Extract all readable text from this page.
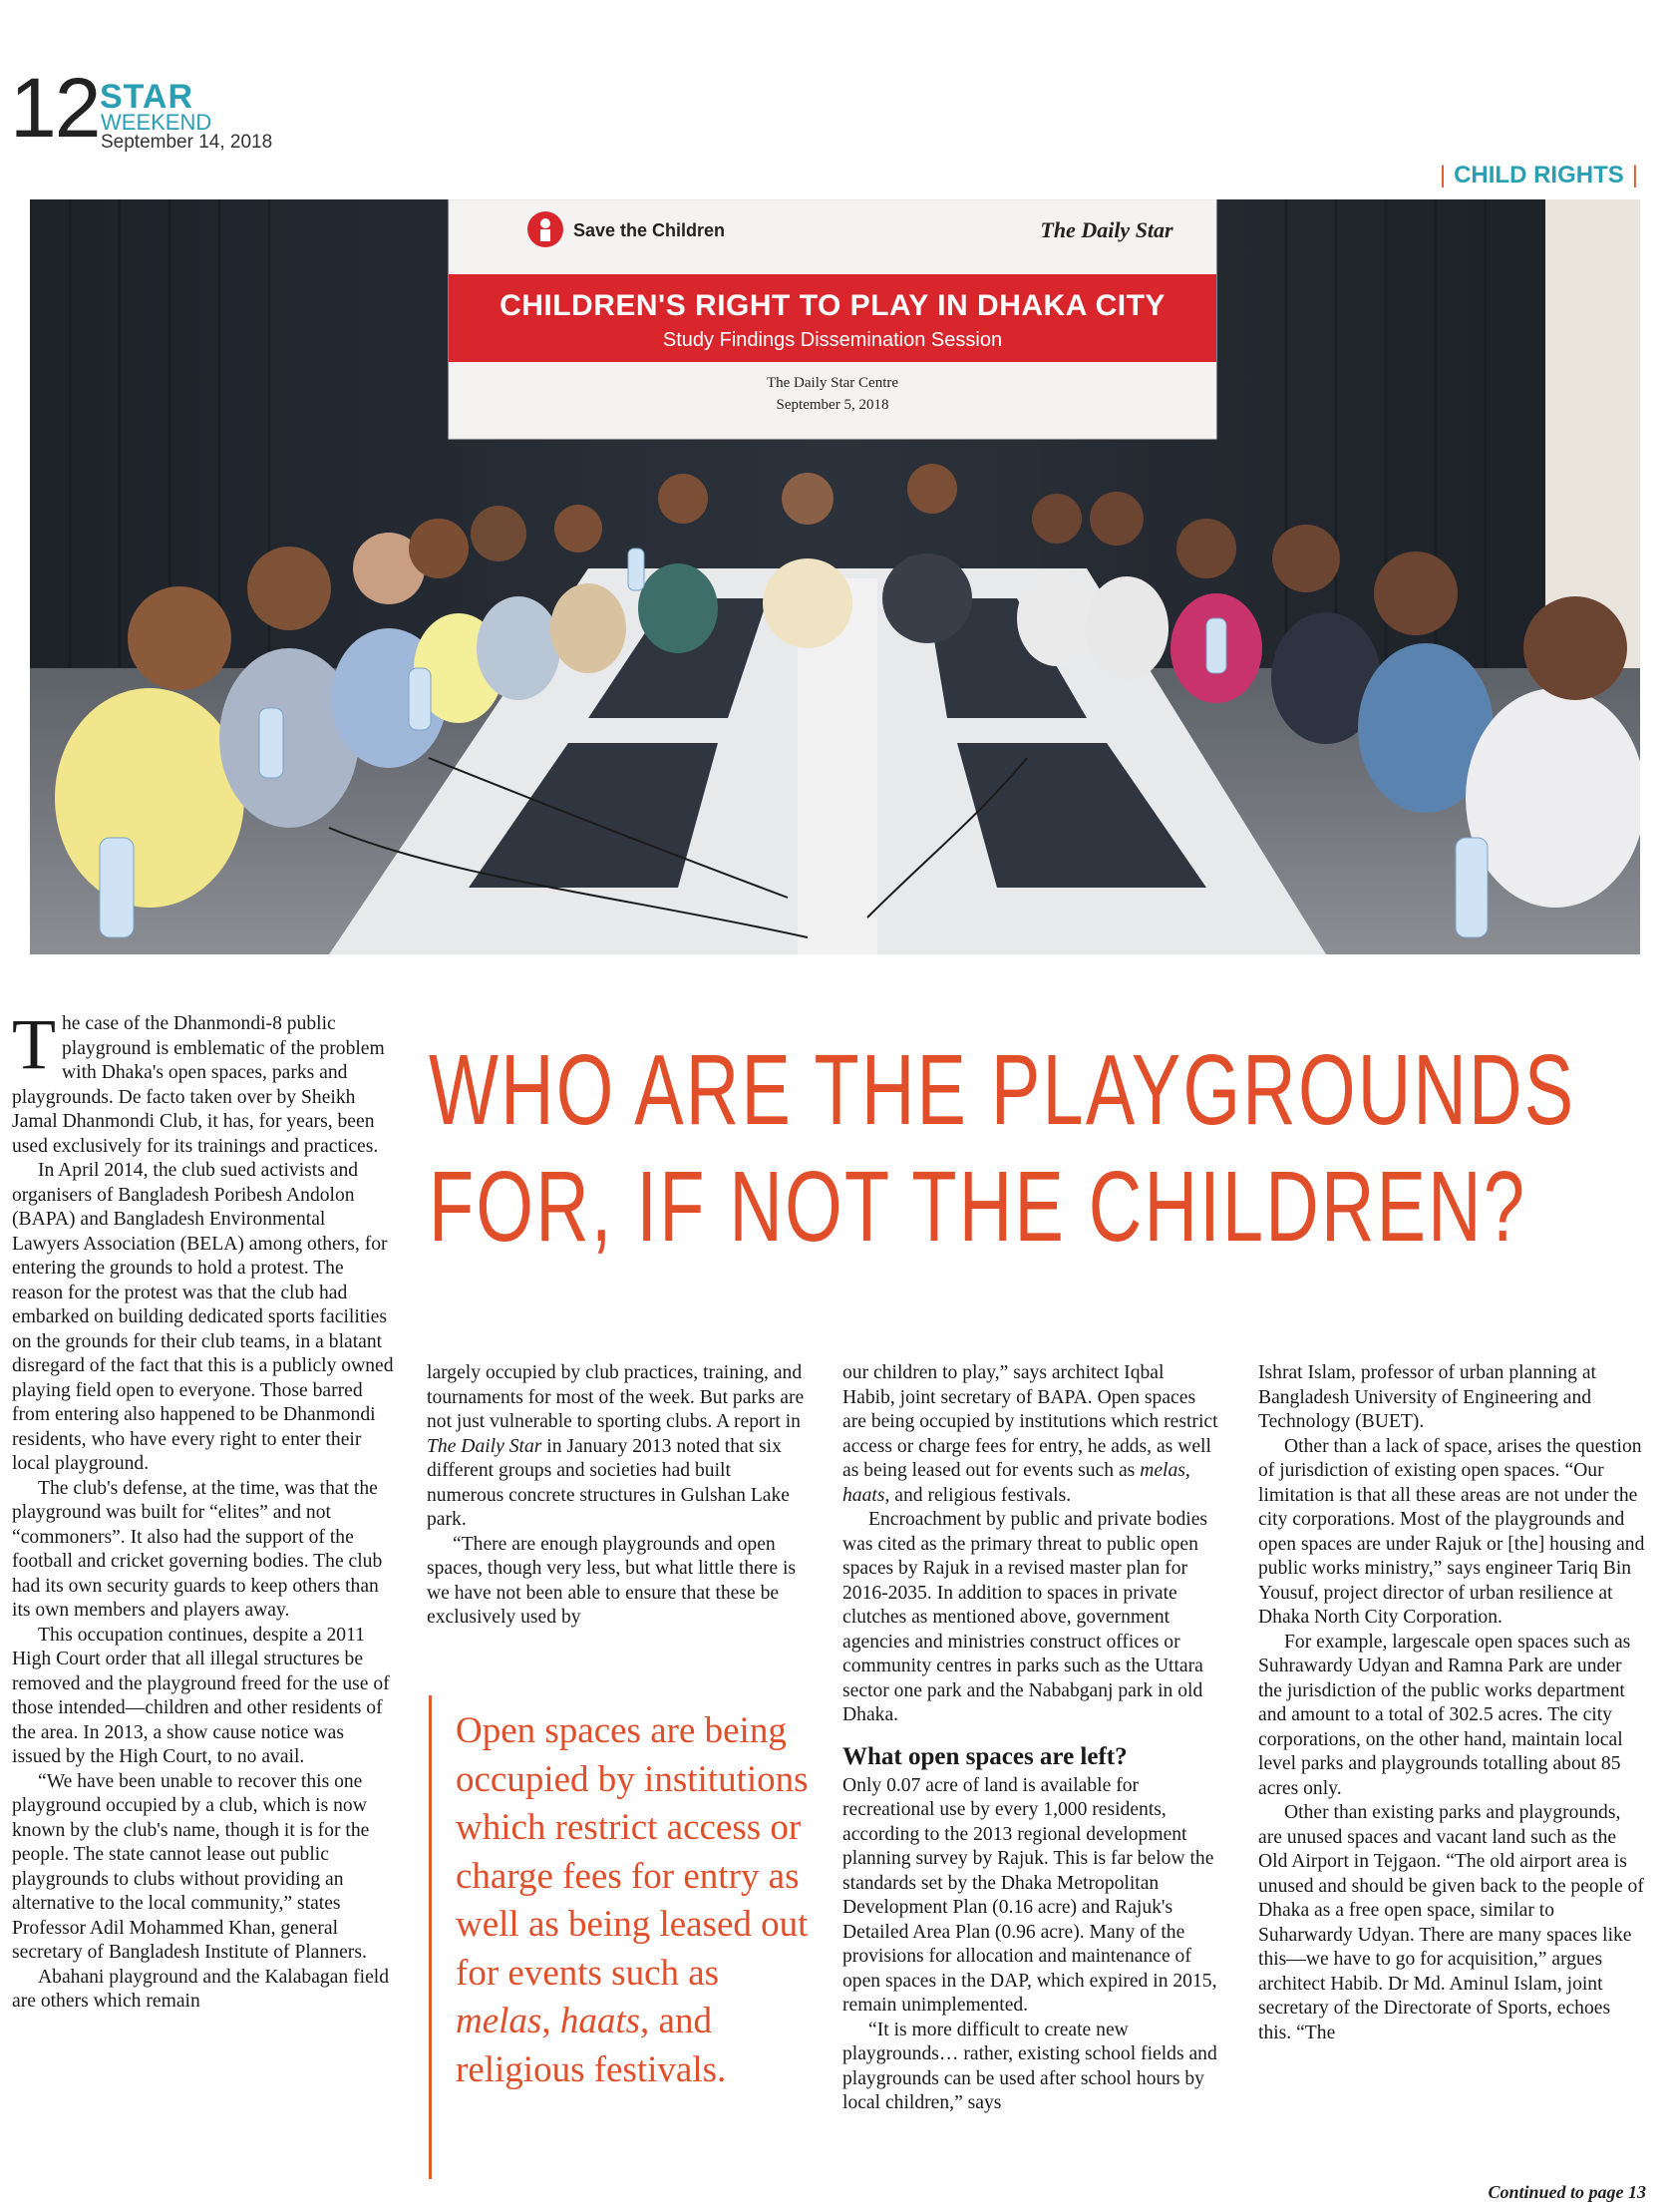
12 STAR
WEEKEND
September 14, 2018
| CHILD RIGHTS |
Save the Children	The Daily Star
CHILDREN'S RIGHT TO PLAY IN DHAKA CITY
Study Findings Dissemination Session
The Daily Star Centre
September 5, 2018
WHO ARE THE PLAYGROUNDS
FOR, IF NOT THE CHILDREN?

The case of the Dhanmondi-8 public playground is emblematic of the problem with Dhaka's open spaces, parks and playgrounds. De facto taken over by Sheikh Jamal Dhanmondi Club, it has, for years, been used exclusively for its trainings and practices.

In April 2014, the club sued activists and organisers of Bangladesh Poribesh Andolon (BAPA) and Bangladesh Environmental Lawyers Association (BELA) among others, for entering the grounds to hold a protest. The reason for the protest was that the club had embarked on building dedicated sports facilities on the grounds for their club teams, in a blatant disregard of the fact that this is a publicly owned playing field open to everyone. Those barred from entering also happened to be Dhanmondi residents, who have every right to enter their local playground.

The club's defense, at the time, was that the playground was built for “elites” and not “commoners”. It also had the support of the football and cricket governing bodies. The club had its own security guards to keep others than its own members and players away.

This occupation continues, despite a 2011 High Court order that all illegal structures be removed and the playground freed for the use of those intended—children and other residents of the area. In 2013, a show cause notice was issued by the High Court, to no avail.

“We have been unable to recover this one playground occupied by a club, which is now known by the club's name, though it is for the people. The state cannot lease out public playgrounds to clubs without providing an alternative to the local community,” states Professor Adil Mohammed Khan, general secretary of Bangladesh Institute of Planners.

Abahani playground and the Kalabagan field are others which remain

largely occupied by club practices, training, and tournaments for most of the week. But parks are not just vulnerable to sporting clubs. A report in The Daily Star in January 2013 noted that six different groups and societies had built numerous concrete structures in Gulshan Lake park.

“There are enough playgrounds and open spaces, though very less, but what little there is we have not been able to ensure that these be exclusively used by

Open spaces are being occupied by institutions which restrict access or charge fees for entry as well as being leased out for events such as melas, haats, and religious festivals.

our children to play,” says architect Iqbal Habib, joint secretary of BAPA. Open spaces are being occupied by institutions which restrict access or charge fees for entry, he adds, as well as being leased out for events such as melas, haats, and religious festivals.

Encroachment by public and private bodies was cited as the primary threat to public open spaces by Rajuk in a revised master plan for 2016-2035. In addition to spaces in private clutches as mentioned above, government agencies and ministries construct offices or community centres in parks such as the Uttara sector one park and the Nababganj park in old Dhaka.

What open spaces are left?

Only 0.07 acre of land is available for recreational use by every 1,000 residents, according to the 2013 regional development planning survey by Rajuk. This is far below the standards set by the Dhaka Metropolitan Development Plan (0.16 acre) and Rajuk's Detailed Area Plan (0.96 acre). Many of the provisions for allocation and maintenance of open spaces in the DAP, which expired in 2015, remain unimplemented.

“It is more difficult to create new playgrounds… rather, existing school fields and playgrounds can be used after school hours by local children,” says

Ishrat Islam, professor of urban planning at Bangladesh University of Engineering and Technology (BUET).

Other than a lack of space, arises the question of jurisdiction of existing open spaces. “Our limitation is that all these areas are not under the city corporations. Most of the playgrounds and open spaces are under Rajuk or [the] housing and public works ministry,” says engineer Tariq Bin Yousuf, project director of urban resilience at Dhaka North City Corporation.

For example, largescale open spaces such as Suhrawardy Udyan and Ramna Park are under the jurisdiction of the public works department and amount to a total of 302.5 acres. The city corporations, on the other hand, maintain local level parks and playgrounds totalling about 85 acres only.

Other than existing parks and playgrounds, are unused spaces and vacant land such as the Old Airport in Tejgaon. “The old airport area is unused and should be given back to the people of Dhaka as a free open space, similar to Suharwardy Udyan. There are many spaces like this—we have to go for acquisition,” argues architect Habib. Dr Md. Aminul Islam, joint secretary of the Directorate of Sports, echoes this. “The

Continued to page 13
